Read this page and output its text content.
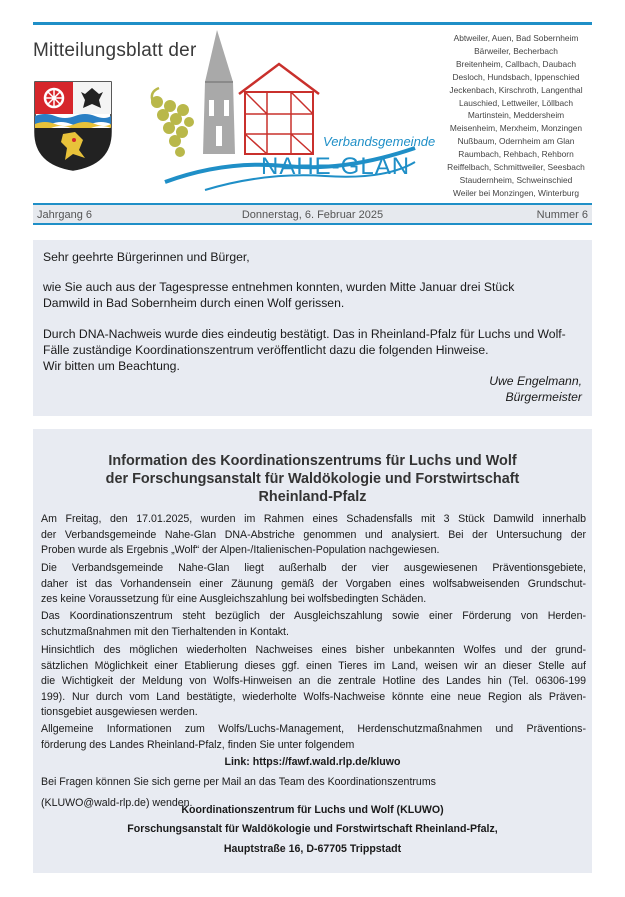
Mitteilungsblatt der
Verbandsgemeinde
NAHE-GLAN
Abtweiler, Auen, Bad Sobernheim
Bärweiler, Becherbach
Breitenheim, Callbach, Daubach
Desloch, Hundsbach, Ippenschied
Jeckenbach, Kirschroth, Langenthal
Lauschied, Lettweiler, Löllbach
Martinstein, Meddersheim
Meisenheim, Merxheim, Monzingen
Nußbaum, Odernheim am Glan
Raumbach, Rehbach, Rehborn
Reiffelbach, Schmittweiler, Seesbach
Staudernheim, Schweinschied
Weiler bei Monzingen, Winterburg
Jahrgang 6	Donnerstag, 6. Februar 2025	Nummer 6
Sehr geehrte Bürgerinnen und Bürger,
wie Sie auch aus der Tagespresse entnehmen konnten, wurden Mitte Januar drei Stück
Damwild in Bad Sobernheim durch einen Wolf gerissen.
Durch DNA-Nachweis wurde dies eindeutig bestätigt. Das in Rheinland-Pfalz für Luchs und Wolf-
Fälle zuständige Koordinationszentrum veröffentlicht dazu die folgenden Hinweise.
Wir bitten um Beachtung.
Uwe Engelmann,
Bürgermeister
Information des Koordinationszentrums für Luchs und Wolf
der Forschungsanstalt für Waldökologie und Forstwirtschaft
Rheinland-Pfalz
Am Freitag, den 17.01.2025, wurden im Rahmen eines Schadensfalls mit 3 Stück Damwild innerhalb
der Verbandsgemeinde Nahe-Glan DNA-Abstriche genommen und analysiert. Bei der Untersuchung der
Proben wurde als Ergebnis „Wolf“ der Alpen-/Italienischen-Population nachgewiesen.
Die Verbandsgemeinde Nahe-Glan liegt außerhalb der vier ausgewiesenen Präventionsgebiete,
daher ist das Vorhandensein einer Zäunung gemäß der Vorgaben eines wolfsabweisenden Grundschut-
zes keine Voraussetzung für eine Ausgleichszahlung bei wolfsbedingten Schäden.
Das Koordinationszentrum steht bezüglich der Ausgleichszahlung sowie einer Förderung von Herden-
schutzmaßnahmen mit den Tierhaltenden in Kontakt.
Hinsichtlich des möglichen wiederholten Nachweises eines bisher unbekannten Wolfes und der grund-
sätzlichen Möglichkeit einer Etablierung dieses ggf. einen Tieres im Land, weisen wir an dieser Stelle auf
die Wichtigkeit der Meldung von Wolfs-Hinweisen an die zentrale Hotline des Landes hin (Tel. 06306-199
199). Nur durch vom Land bestätigte, wiederholte Wolfs-Nachweise könnte eine neue Region als Präven-
tionsgebiet ausgewiesen werden.
Allgemeine Informationen zum Wolfs/Luchs-Management, Herdenschutzmaßnahmen und Präventions-
förderung des Landes Rheinland-Pfalz, finden Sie unter folgendem
Link: https://fawf.wald.rlp.de/kluwo
Bei Fragen können Sie sich gerne per Mail an das Team des Koordinationszentrums
(KLUWO@wald-rlp.de) wenden.
Koordinationszentrum für Luchs und Wolf (KLUWO)
Forschungsanstalt für Waldökologie und Forstwirtschaft Rheinland-Pfalz,
Hauptstraße 16, D-67705 Trippstadt
